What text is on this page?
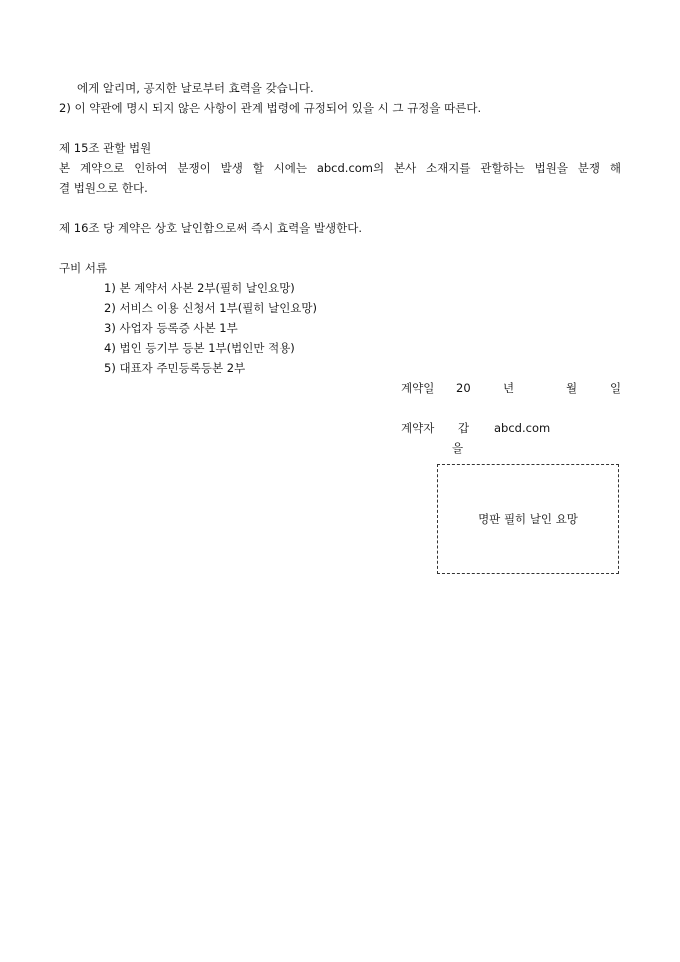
에게 알리며, 공지한 날로부터 효력을 갖습니다.
2) 이 약관에 명시 되지 않은 사항이 관계 법령에 규정되어 있을 시 그 규정을 따른다.
제 15조 관할 법원
본 계약으로 인하여 분쟁이 발생 할 시에는 abcd.com의 본사 소재지를 관할하는 법원을 분쟁 해
결 법원으로 한다.
제 16조 당 계약은 상호 날인함으로써 즉시 효력을 발생한다.
구비 서류
1) 본 계약서 사본 2부(필히 날인요망)
2) 서비스 이용 신청서 1부(필히 날인요망)
3) 사업자 등록증 사본 1부
4) 법인 등기부 등본 1부(법인만 적용)
5) 대표자 주민등록등본 2부
계약일 20	년	월	일
계약자 갑 abcd.com
을
명판 필히 날인 요망
